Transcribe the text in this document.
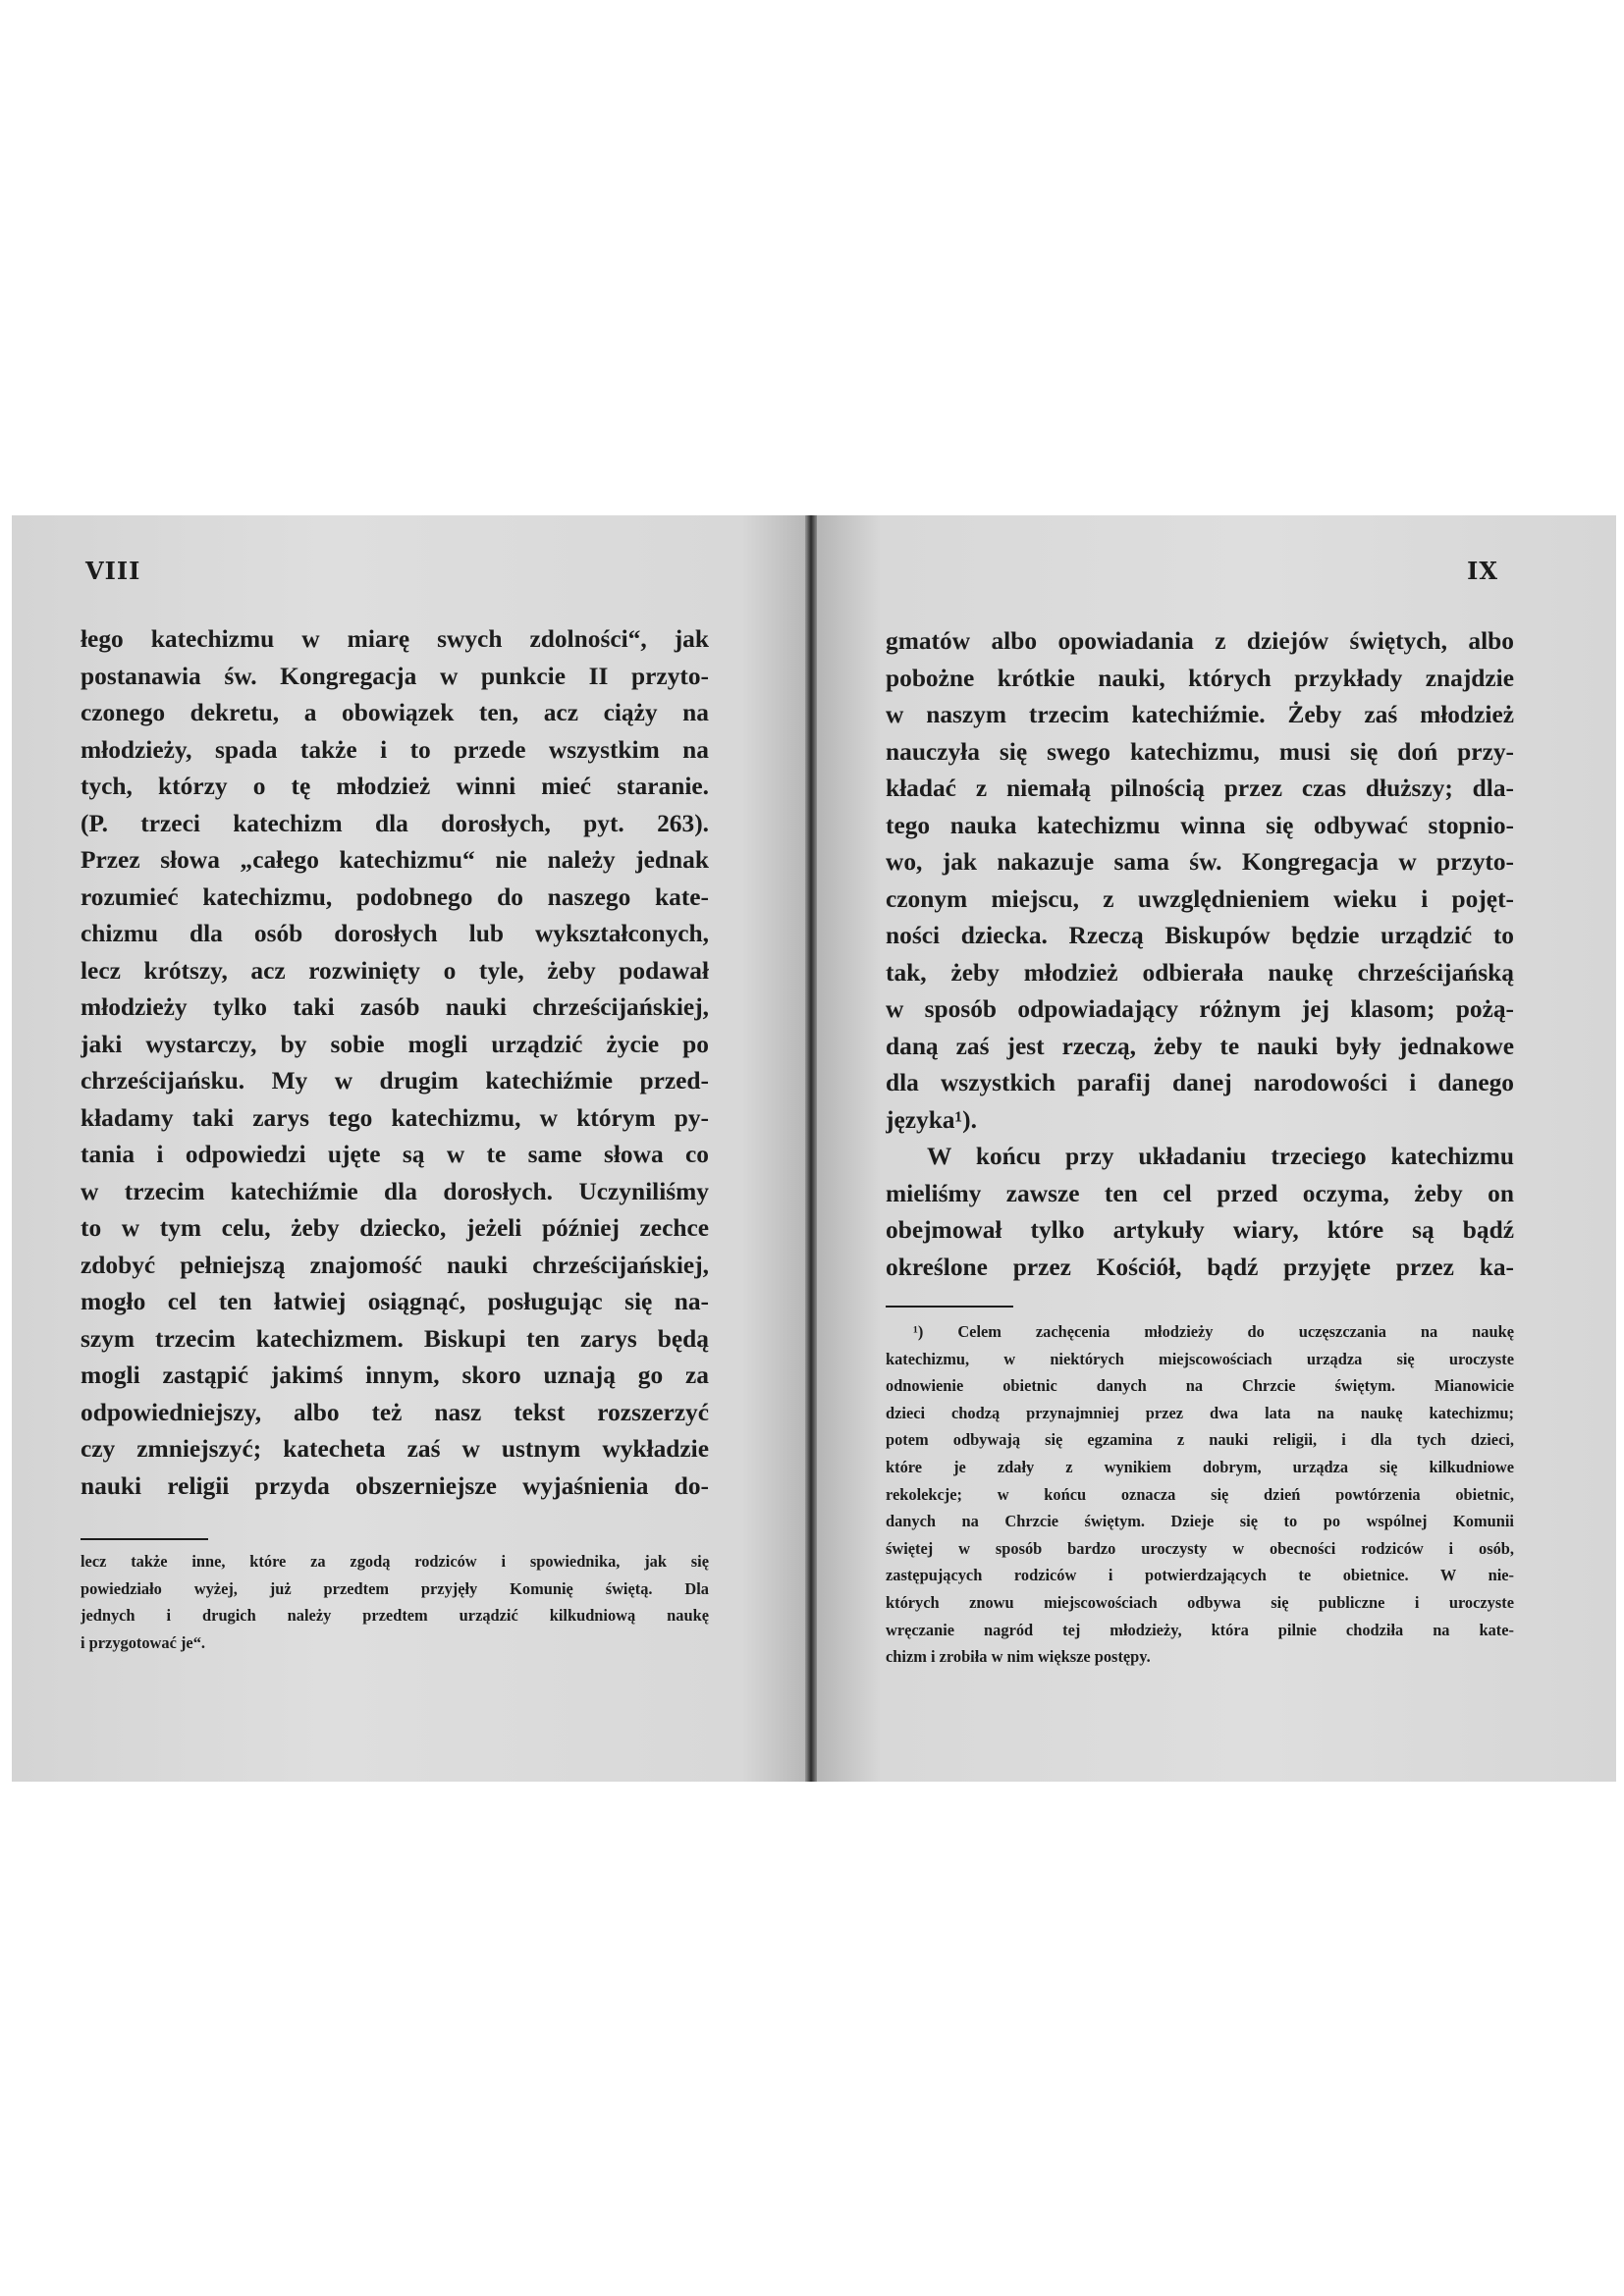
VIII
łego katechizmu w miarę swych zdolności“, jak
postanawia św. Kongregacja w punkcie II przyto-
czonego dekretu, a obowiązek ten, acz ciąży na
młodzieży, spada także i to przede wszystkim na
tych, którzy o tę młodzież winni mieć staranie.
(P. trzeci katechizm dla dorosłych, pyt. 263).
Przez słowa „całego katechizmu“ nie należy jednak
rozumieć katechizmu, podobnego do naszego kate-
chizmu dla osób dorosłych lub wykształconych,
lecz krótszy, acz rozwinięty o tyle, żeby podawał
młodzieży tylko taki zasób nauki chrześcijańskiej,
jaki wystarczy, by sobie mogli urządzić życie po
chrześcijańsku. My w drugim katechiźmie przed-
kładamy taki zarys tego katechizmu, w którym py-
tania i odpowiedzi ujęte są w te same słowa co
w trzecim katechiźmie dla dorosłych. Uczyniliśmy
to w tym celu, żeby dziecko, jeżeli później zechce
zdobyć pełniejszą znajomość nauki chrześcijańskiej,
mogło cel ten łatwiej osiągnąć, posługując się na-
szym trzecim katechizmem. Biskupi ten zarys będą
mogli zastąpić jakimś innym, skoro uznają go za
odpowiedniejszy, albo też nasz tekst rozszerzyć
czy zmniejszyć; katecheta zaś w ustnym wykładzie
nauki religii przyda obszerniejsze wyjaśnienia do-
lecz także inne, które za zgodą rodziców i spowiednika, jak się
powiedziało wyżej, już przedtem przyjęły Komunię świętą. Dla
jednych i drugich należy przedtem urządzić kilkudniową naukę
i przygotować je“.
IX
gmatów albo opowiadania z dziejów świętych, albo
pobożne krótkie nauki, których przykłady znajdzie
w naszym trzecim katechiźmie. Żeby zaś młodzież
nauczyła się swego katechizmu, musi się doń przy-
kładać z niemałą pilnością przez czas dłuższy; dla-
tego nauka katechizmu winna się odbywać stopnio-
wo, jak nakazuje sama św. Kongregacja w przyto-
czonym miejscu, z uwzględnieniem wieku i pojęt-
ności dziecka. Rzeczą Biskupów będzie urządzić to
tak, żeby młodzież odbierała naukę chrześcijańską
w sposób odpowiadający różnym jej klasom; pożą-
daną zaś jest rzeczą, żeby te nauki były jednakowe
dla wszystkich parafij danej narodowości i danego
języka¹).
W końcu przy układaniu trzeciego katechizmu
mieliśmy zawsze ten cel przed oczyma, żeby on
obejmował tylko artykuły wiary, które są bądź
określone przez Kościół, bądź przyjęte przez ka-
¹) Celem zachęcenia młodzieży do uczęszczania na naukę
katechizmu, w niektórych miejscowościach urządza się uroczyste
odnowienie obietnic danych na Chrzcie świętym. Mianowicie
dzieci chodzą przynajmniej przez dwa lata na naukę katechizmu;
potem odbywają się egzamina z nauki religii, i dla tych dzieci,
które je zdały z wynikiem dobrym, urządza się kilkudniowe
rekolekcje; w końcu oznacza się dzień powtórzenia obietnic,
danych na Chrzcie świętym. Dzieje się to po wspólnej Komunii
świętej w sposób bardzo uroczysty w obecności rodziców i osób,
zastępujących rodziców i potwierdzających te obietnice. W nie-
których znowu miejscowościach odbywa się publiczne i uroczyste
wręczanie nagród tej młodzieży, która pilnie chodziła na kate-
chizm i zrobiła w nim większe postępy.
